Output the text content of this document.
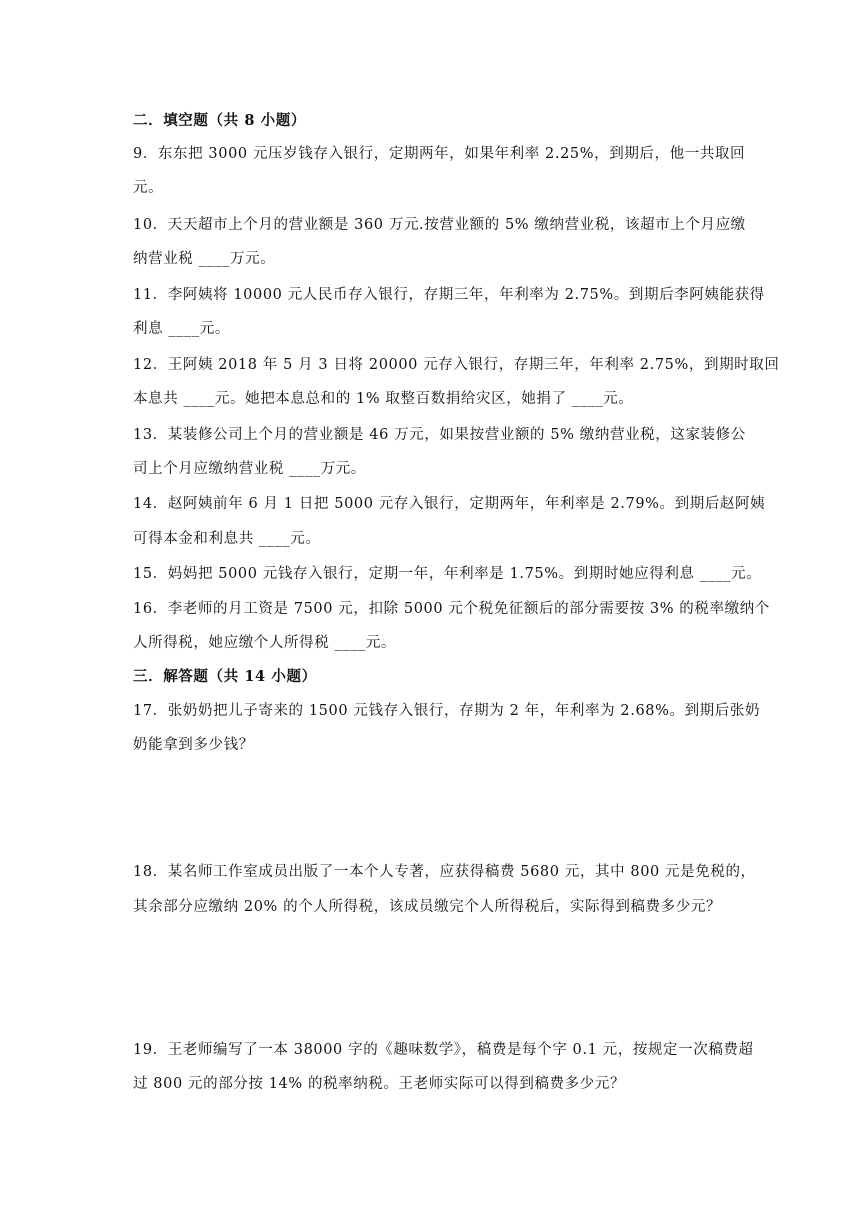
二．填空题（共 8 小题）
9．东东把 3000 元压岁钱存入银行，定期两年，如果年利率 2.25%，到期后，他一共取回
元。
10．天天超市上个月的营业额是 360 万元.按营业额的 5% 缴纳营业税，该超市上个月应缴
纳营业税 ____万元。
11．李阿姨将 10000 元人民币存入银行，存期三年，年利率为 2.75%。到期后李阿姨能获得
利息 ____元。
12．王阿姨 2018 年 5 月 3 日将 20000 元存入银行，存期三年，年利率 2.75%，到期时取回
本息共 ____元。她把本息总和的 1% 取整百数捐给灾区，她捐了 ____元。
13．某装修公司上个月的营业额是 46 万元，如果按营业额的 5% 缴纳营业税，这家装修公
司上个月应缴纳营业税 ____万元。
14．赵阿姨前年 6 月 1 日把 5000 元存入银行，定期两年，年利率是 2.79%。到期后赵阿姨
可得本金和利息共 ____元。
15．妈妈把 5000 元钱存入银行，定期一年，年利率是 1.75%。到期时她应得利息 ____元。
16．李老师的月工资是 7500 元，扣除 5000 元个税免征额后的部分需要按 3% 的税率缴纳个
人所得税，她应缴个人所得税 ____元。
三．解答题（共 14 小题）
17．张奶奶把儿子寄来的 1500 元钱存入银行，存期为 2 年，年利率为 2.68%。到期后张奶
奶能拿到多少钱？
18．某名师工作室成员出版了一本个人专著，应获得稿费 5680 元，其中 800 元是免税的，
其余部分应缴纳 20% 的个人所得税，该成员缴完个人所得税后，实际得到稿费多少元？
19．王老师编写了一本 38000 字的《趣味数学》，稿费是每个字 0.1 元，按规定一次稿费超
过 800 元的部分按 14% 的税率纳税。王老师实际可以得到稿费多少元？
